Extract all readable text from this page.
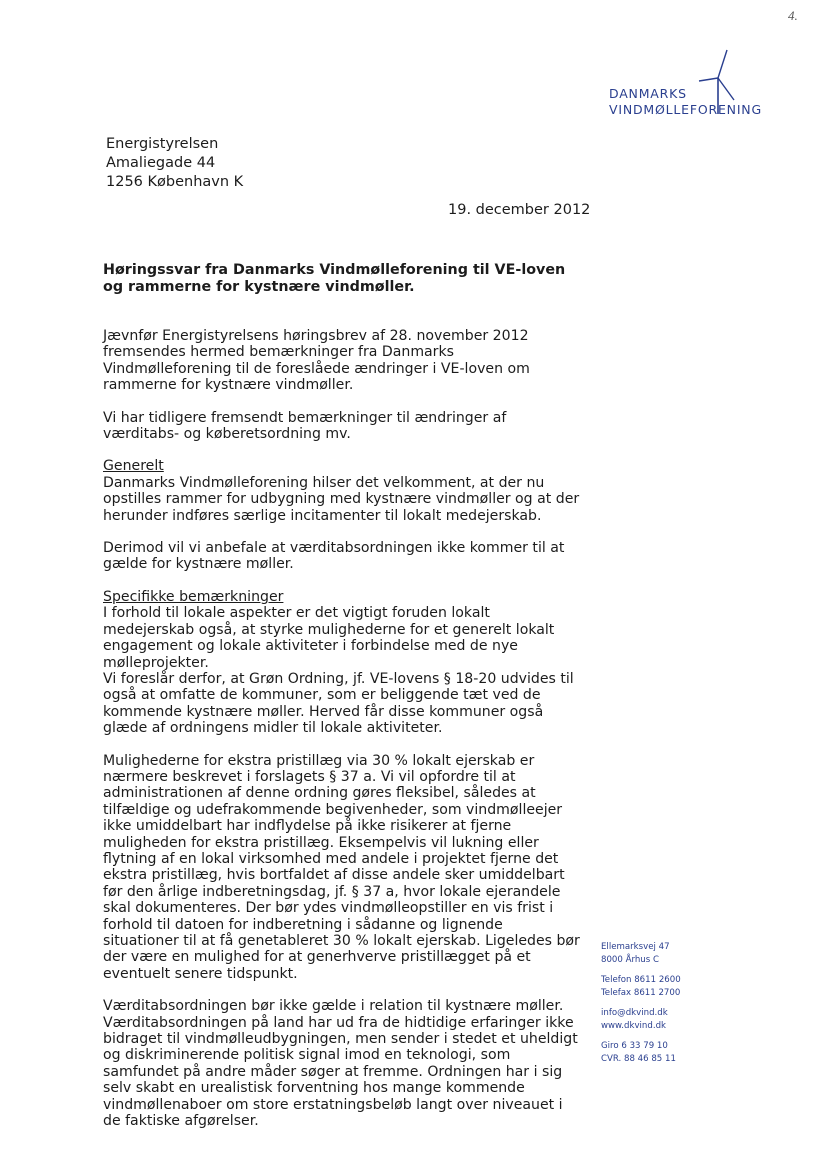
4.
DANMARKS
VINDMØLLEFORENING
Energistyrelsen
Amaliegade 44
1256 København K
19. december 2012
Høringssvar fra Danmarks Vindmølleforening til VE-loven og rammerne for kystnære vindmøller.

Jævnfør Energistyrelsens høringsbrev af 28. november 2012 fremsendes hermed bemærkninger fra Danmarks Vindmølleforening til de foreslåede ændringer i VE-loven om rammerne for kystnære vindmøller.

Vi har tidligere fremsendt bemærkninger til ændringer af værditabs- og køberetsordning mv.

Generelt

Danmarks Vindmølleforening hilser det velkomment, at der nu opstilles rammer for udbygning med kystnære vindmøller og at der herunder indføres særlige incitamenter til lokalt medejerskab.

Derimod vil vi anbefale at værditabsordningen ikke kommer til at gælde for kystnære møller.

Specifikke bemærkninger
I forhold til lokale aspekter er det vigtigt foruden lokalt medejerskab også, at styrke mulighederne for et generelt lokalt engagement og lokale aktiviteter i forbindelse med de nye mølleprojekter.

Vi foreslår derfor, at Grøn Ordning, jf. VE-lovens § 18-20 udvides til også at omfatte de kommuner, som er beliggende tæt ved de kommende kystnære møller. Herved får disse kommuner også glæde af ordningens midler til lokale aktiviteter.

Mulighederne for ekstra pristillæg via 30 % lokalt ejerskab er nærmere beskrevet i forslagets § 37 a. Vi vil opfordre til at administrationen af denne ordning gøres fleksibel, således at tilfældige og udefrakommende begivenheder, som vindmølleejer ikke umiddelbart har indflydelse på ikke risikerer at fjerne muligheden for ekstra pristillæg. Eksempelvis vil lukning eller flytning af en lokal virksomhed med andele i projektet fjerne det ekstra pristillæg, hvis bortfaldet af disse andele sker umiddelbart før den årlige indberetningsdag, jf. § 37 a, hvor lokale ejerandele skal dokumenteres. Der bør ydes vindmølleopstiller en vis frist i forhold til datoen for indberetning i sådanne og lignende situationer til at få genetableret 30 % lokalt ejerskab. Ligeledes bør der være en mulighed for at generhverve pristillægget på et eventuelt senere tidspunkt.

Værditabsordningen bør ikke gælde i relation til kystnære møller. Værditabsordningen på land har ud fra de hidtidige erfaringer ikke bidraget til vindmølleudbygningen, men sender i stedet et uheldigt og diskriminerende politisk signal imod en teknologi, som samfundet på andre måder søger at fremme. Ordningen har i sig selv skabt en urealistisk forventning hos mange kommende vindmøllenaboer om store erstatningsbeløb langt over niveauet i de faktiske afgørelser.

Ellemarksvej 47
8000 Århus C
Telefon 8611 2600
Telefax 8611 2700
info@dkvind.dk
www.dkvind.dk
Giro 6 33 79 10
CVR. 88 46 85 11
